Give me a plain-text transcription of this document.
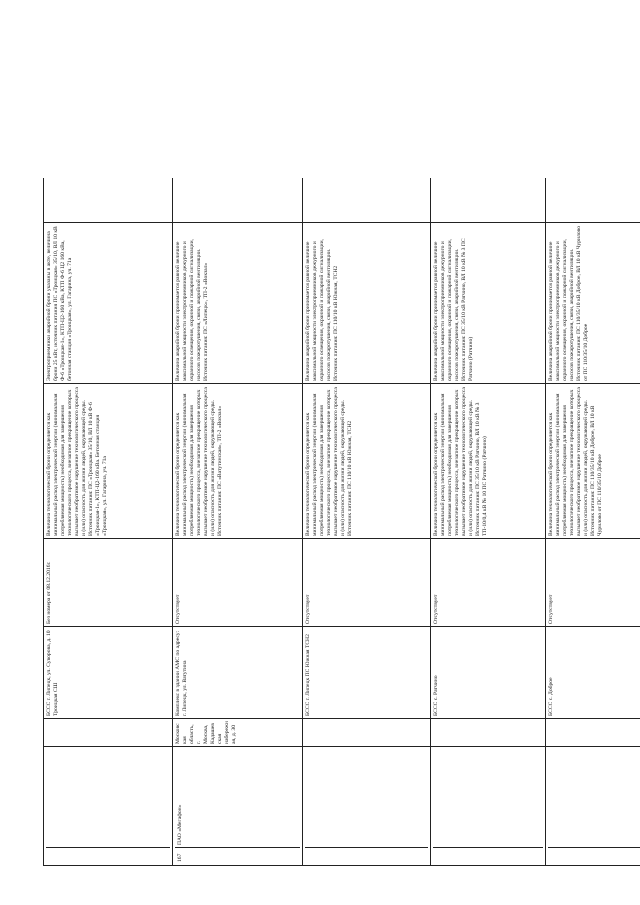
БССС г. Липецк, ул. Суворова, д. 10 Троицкая СШ
Без номера от 08.12.2016г.
Величина технологической брони определяется как минимальный расход электрической энергии (минимальная потребляемая мощность) необходимая для завершения технологического процесса, внезапное прекращение которых вызывает необратимое нарушение технологического процесса и (или) опасность для жизни людей, окружающей среды. Источник питания: ПС «Троицкая» 35/10, ВЛ 10 кВ Ф-6 «Троицкая-1», КТП-Ц2-160 кВа. Бетонная станция «Троицкая», ул. Гагарина, уч. 71а
Электроприемники аварийной брони указаны в акте, величина брони 25 кВт, источник питания ПС «Троицкая» 35/10, ВЛ 10 кВ Ф-6 «Троицкая-1», КТП-Ц2-160 кВа, КТП Ф-6 Ц2 160 кВа, бетонная станция «Троицкая», ул. Гагарина, уч. 71а
167
ПАО «Мегафон»
Московская область, г. Москва, Кадашевская набережная, д. 30
Комплекс в здании АМС по адресу: г. Липецк, ул. Ватутина
Отсутствует
Величина технологической брони определяется как минимальный расход электрической энергии (минимальная потребляемая мощность) необходимая для завершения технологического процесса, внезапное прекращение которых вызывает необратимое нарушение технологического процесса и (или) опасность для жизни людей, окружающей среды. Источник питания: ПС «Ватутинская», ТП-2 «Вокзал»
Величина аварийной брони принимается равной величине максимальной мощности электроприемников дежурного и охранного освещения, охранной и пожарной сигнализации, насосов пожаротушения, связи, аварийной вентиляции. Источник питания: ПС «Липецк», ТП-2 «Вокзал»
БССС г. Липецк ПС Южная ТСН2
Отсутствует
Величина технологической брони определяется как минимальный расход электрической энергии (минимальная потребляемая мощность) необходимая для завершения технологического процесса, внезапное прекращение которых вызывает необратимое нарушение технологического процесса и (или) опасность для жизни людей, окружающей среды. Источник питания: ПС 110/10 кВ Южная, ТСН2
Величина аварийной брони принимается равной величине максимальной мощности электроприемников дежурного и охранного освещения, охранной и пожарной сигнализации, насосов пожаротушения, связи, аварийной вентиляции. Источник питания: ПС 110/10 кВ Южная, ТСН2
БССС с. Ратчино
Отсутствует
Величина технологической брони определяется как минимальный расход электрической энергии (минимальная потребляемая мощность) необходимая для завершения технологического процесса, внезапное прекращение которых вызывает необратимое нарушение технологического процесса и (или) опасность для жизни людей, окружающей среды. Источник питания: ПС 35/10 кВ Ратчино, ВЛ 10 кВ № 3 ТП-10/0,4 кВ № 10 ПС Ратчино (Ратчино)
Величина аварийной брони принимается равной величине максимальной мощности электроприемников дежурного и охранного освещения, охранной и пожарной сигнализации, насосов пожаротушения, связи, аварийной вентиляции. Источник питания: ПС 35/10 кВ Ратчино, ВЛ 10 кВ № 3 ПС Ратчино (Ратчино)
БССС с. Доброе
Отсутствует
Величина технологической брони определяется как минимальный расход электрической энергии (минимальная потребляемая мощность) необходимая для завершения технологического процесса, внезапное прекращение которых вызывает необратимое нарушение технологического процесса и (или) опасность для жизни людей, окружающей среды. Источник питания: ПС 110/35/10 кВ Доброе, ВЛ 10 кВ Чурилово от ПС 110/35/10 Доброе
Величина аварийной брони принимается равной величине максимальной мощности электроприемников дежурного и охранного освещения, охранной и пожарной сигнализации, насосов пожаротушения, связи, аварийной вентиляции. Источник питания: ПС 110/35/10 кВ Доброе, ВЛ 10 кВ Чурилово от ПС 110/35/10 Доброе
